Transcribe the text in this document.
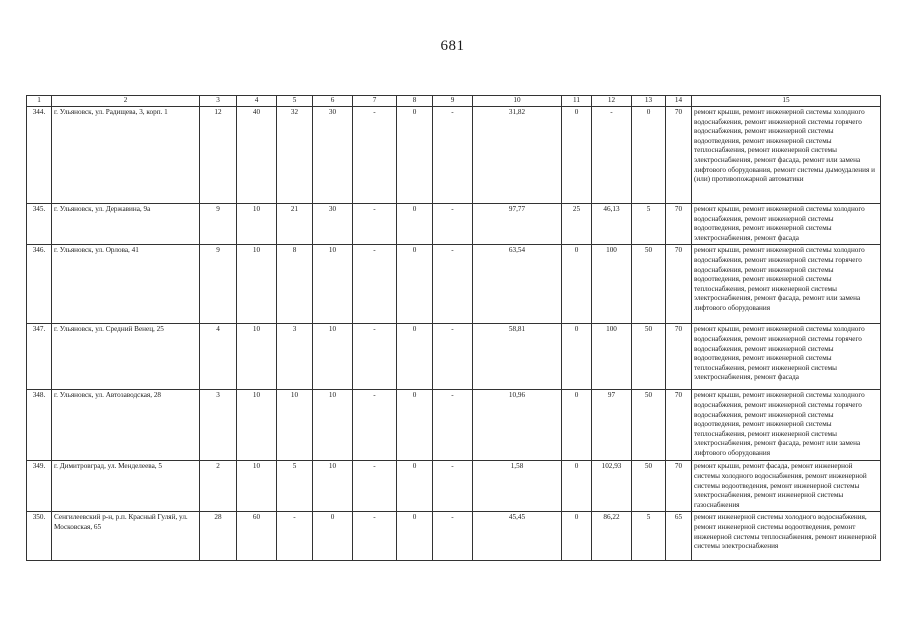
681
1	2	3	4	5	6	7	8	9	10	11	12	13	14	15
344.	г. Ульяновск, ул. Радищева, 3, корп. 1	12	40	32	30	-	0	-	31,82	0	-	0	70	ремонт крыши, ремонт инженерной системы холодного водоснабжения, ремонт инженерной системы горячего водоснабжения, ремонт инженерной системы водоотведения, ремонт инженерной системы теплоснабжения, ремонт инженерной системы электроснабжения, ремонт фасада, ремонт или замена лифтового оборудования, ремонт системы дымоудаления и (или) противопожарной автоматики
345.	г. Ульяновск, ул. Державина, 9а	9	10	21	30	-	0	-	97,77	25	46,13	5	70	ремонт крыши, ремонт инженерной системы холодного водоснабжения, ремонт инженерной системы водоотведения, ремонт инженерной системы электроснабжения, ремонт фасада
346.	г. Ульяновск, ул. Орлова, 41	9	10	8	10	-	0	-	63,54	0	100	50	70	ремонт крыши, ремонт инженерной системы холодного водоснабжения, ремонт инженерной системы горячего водоснабжения, ремонт инженерной системы водоотведения, ремонт инженерной системы теплоснабжения, ремонт инженерной системы электроснабжения, ремонт фасада, ремонт или замена лифтового оборудования
347.	г. Ульяновск, ул. Средний Венец, 25	4	10	3	10	-	0	-	58,81	0	100	50	70	ремонт крыши, ремонт инженерной системы холодного водоснабжения, ремонт инженерной системы горячего водоснабжения, ремонт инженерной системы водоотведения, ремонт инженерной системы теплоснабжения, ремонт инженерной системы электроснабжения, ремонт фасада
348.	г. Ульяновск, ул. Автозаводская, 28	3	10	10	10	-	0	-	10,96	0	97	50	70	ремонт крыши, ремонт инженерной системы холодного водоснабжения, ремонт инженерной системы горячего водоснабжения, ремонт инженерной системы водоотведения, ремонт инженерной системы теплоснабжения, ремонт инженерной системы электроснабжения, ремонт фасада, ремонт или замена лифтового оборудования
349.	г. Димитровград, ул. Менделеева, 5	2	10	5	10	-	0	-	1,58	0	102,93	50	70	ремонт крыши, ремонт фасада, ремонт инженерной системы холодного водоснабжения, ремонт инженерной системы водоотведения, ремонт инженерной системы электроснабжения, ремонт инженерной системы газоснабжения
350.	Сенгилеевский р-н, р.п. Красный Гуляй, ул. Московская, 65	28	60	-	0	-	0	-	45,45	0	86,22	5	65	ремонт инженерной системы холодного водоснабжения, ремонт инженерной системы водоотведения, ремонт инженерной системы теплоснабжения, ремонт инженерной системы электроснабжения
